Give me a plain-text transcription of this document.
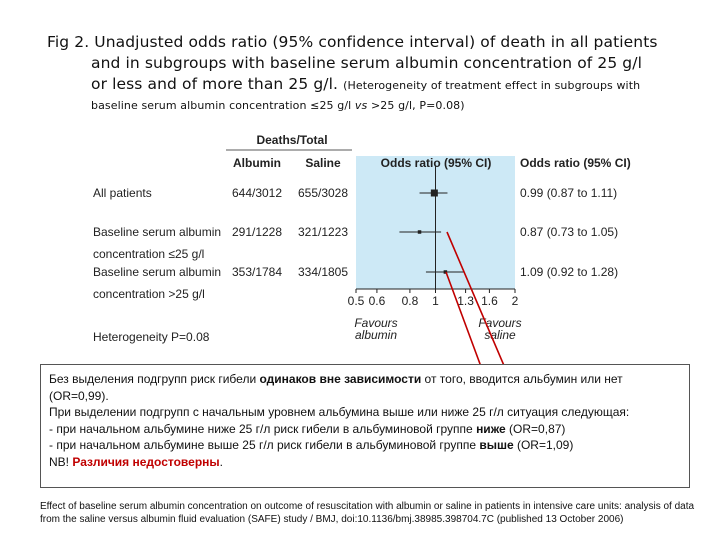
Fig 2. Unadjusted odds ratio (95% confidence interval) of death in all patients
and in subgroups with baseline serum albumin concentration of 25 g/l
or less and of more than 25 g/l. (Heterogeneity of treatment effect in subgroups with
baseline serum albumin concentration ≤25 g/l vs >25 g/l, P=0.08)
Deaths/Total
Albumin Saline	Odds ratio (95% CI) Odds ratio (95% CI)
All patients	644/3012 655/3028	0.99 (0.87 to 1.11)
Baseline serum albumin
concentration ≤25 g/l
291/1228 321/1223	0.87 (0.73 to 1.05)
Baseline serum albumin
concentration >25 g/l
353/1784 334/1805	1.09 (0.92 to 1.28)
0.5 0.6 0.8 1 1.3 1.6 2
Favours
albumin
Favours
saline
Heterogeneity P=0.08

Без выделения подгрупп риск гибели одинаков вне зависимости от того, вводится альбумин или нет (OR=0,99).

При выделении подгрупп с начальным уровнем альбумина выше или ниже 25 г/л ситуация следующая:

- при начальном альбумине ниже 25 г/л риск гибели в альбуминовой группе ниже (OR=0,87)

- при начальном альбумине выше 25 г/л риск гибели в альбуминовой группе выше (OR=1,09)

NB! Различия недостоверны.

Effect of baseline serum albumin concentration on outcome of resuscitation with albumin or saline in patients in intensive care units: analysis of data from the saline versus albumin fluid evaluation (SAFE) study / BMJ, doi:10.1136/bmj.38985.398704.7C (published 13 October 2006)
